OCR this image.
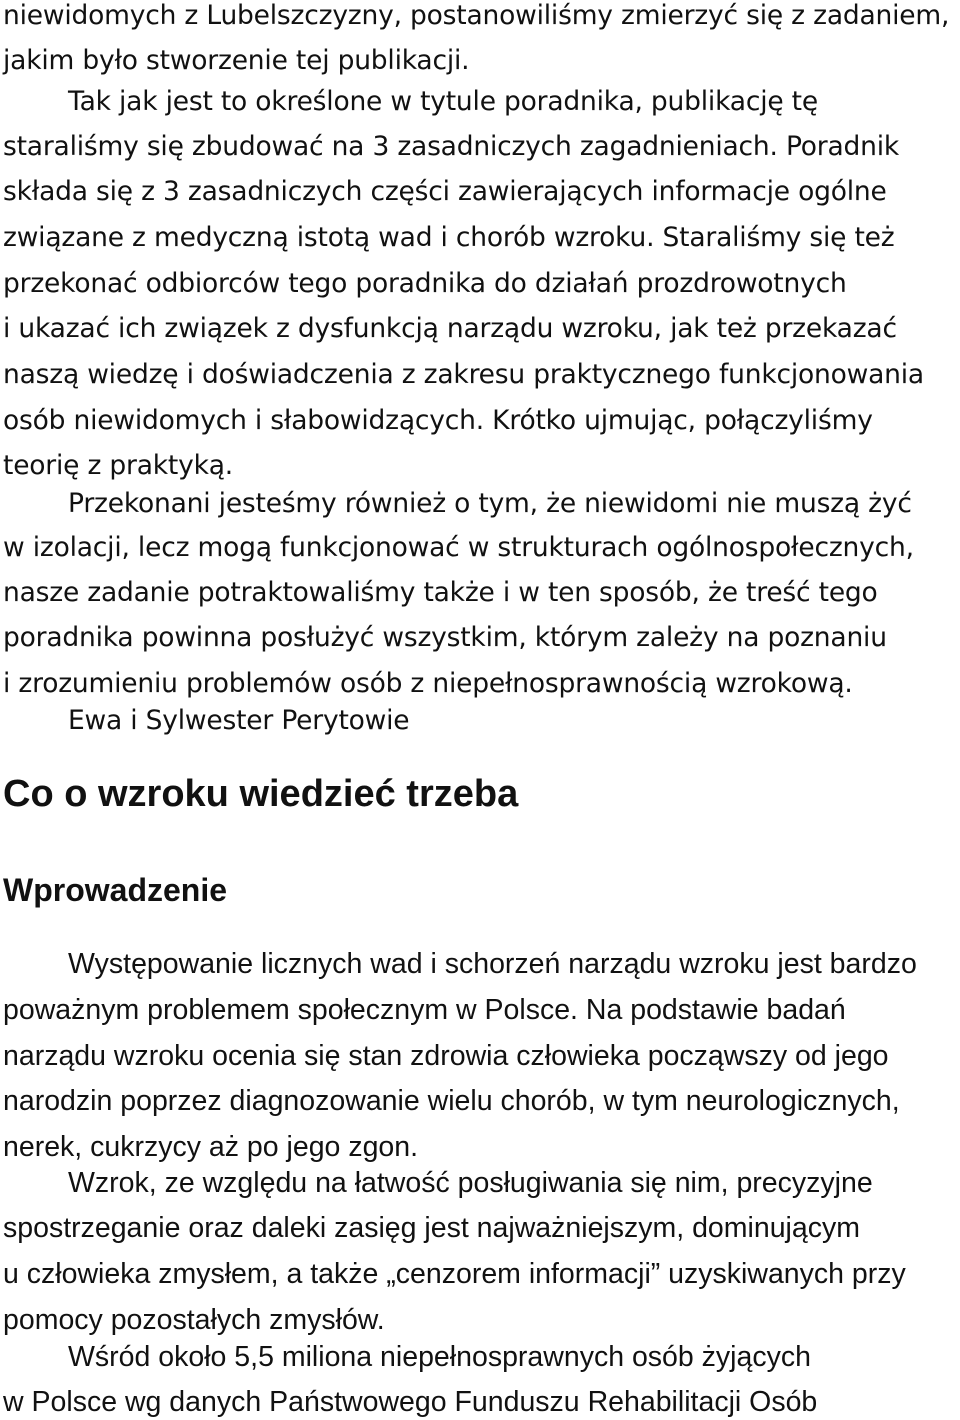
niewidomych z Lubelszczyzny, postanowiliśmy zmierzyć się z zadaniem,
jakim było stworzenie tej publikacji.
Tak jak jest to określone w tytule poradnika, publikację tę
staraliśmy się zbudować na 3 zasadniczych zagadnieniach. Poradnik
składa się z 3 zasadniczych części zawierających informacje ogólne
związane z medyczną istotą wad i chorób wzroku. Staraliśmy się też
przekonać odbiorców tego poradnika do działań prozdrowotnych
i ukazać ich związek z dysfunkcją narządu wzroku, jak też przekazać
naszą wiedzę i doświadczenia z zakresu praktycznego funkcjonowania
osób niewidomych i słabowidzących. Krótko ujmując, połączyliśmy
teorię z praktyką.
Przekonani jesteśmy również o tym, że niewidomi nie muszą żyć
w izolacji, lecz mogą funkcjonować w strukturach ogólnospołecznych,
nasze zadanie potraktowaliśmy także i w ten sposób, że treść tego
poradnika powinna posłużyć wszystkim, którym zależy na poznaniu
i zrozumieniu problemów osób z niepełnosprawnością wzrokową.
Ewa i Sylwester Perytowie
Co o wzroku wiedzieć trzeba
Wprowadzenie
Występowanie licznych wad i schorzeń narządu wzroku jest bardzo
poważnym problemem społecznym w Polsce. Na podstawie badań
narządu wzroku ocenia się stan zdrowia człowieka począwszy od jego
narodzin poprzez diagnozowanie wielu chorób, w tym neurologicznych,
nerek, cukrzycy aż po jego zgon.
Wzrok, ze względu na łatwość posługiwania się nim, precyzyjne
spostrzeganie oraz daleki zasięg jest najważniejszym, dominującym
u człowieka zmysłem, a także „cenzorem informacji” uzyskiwanych przy
pomocy pozostałych zmysłów.
Wśród około 5,5 miliona niepełnosprawnych osób żyjących
w Polsce wg danych Państwowego Funduszu Rehabilitacji Osób
